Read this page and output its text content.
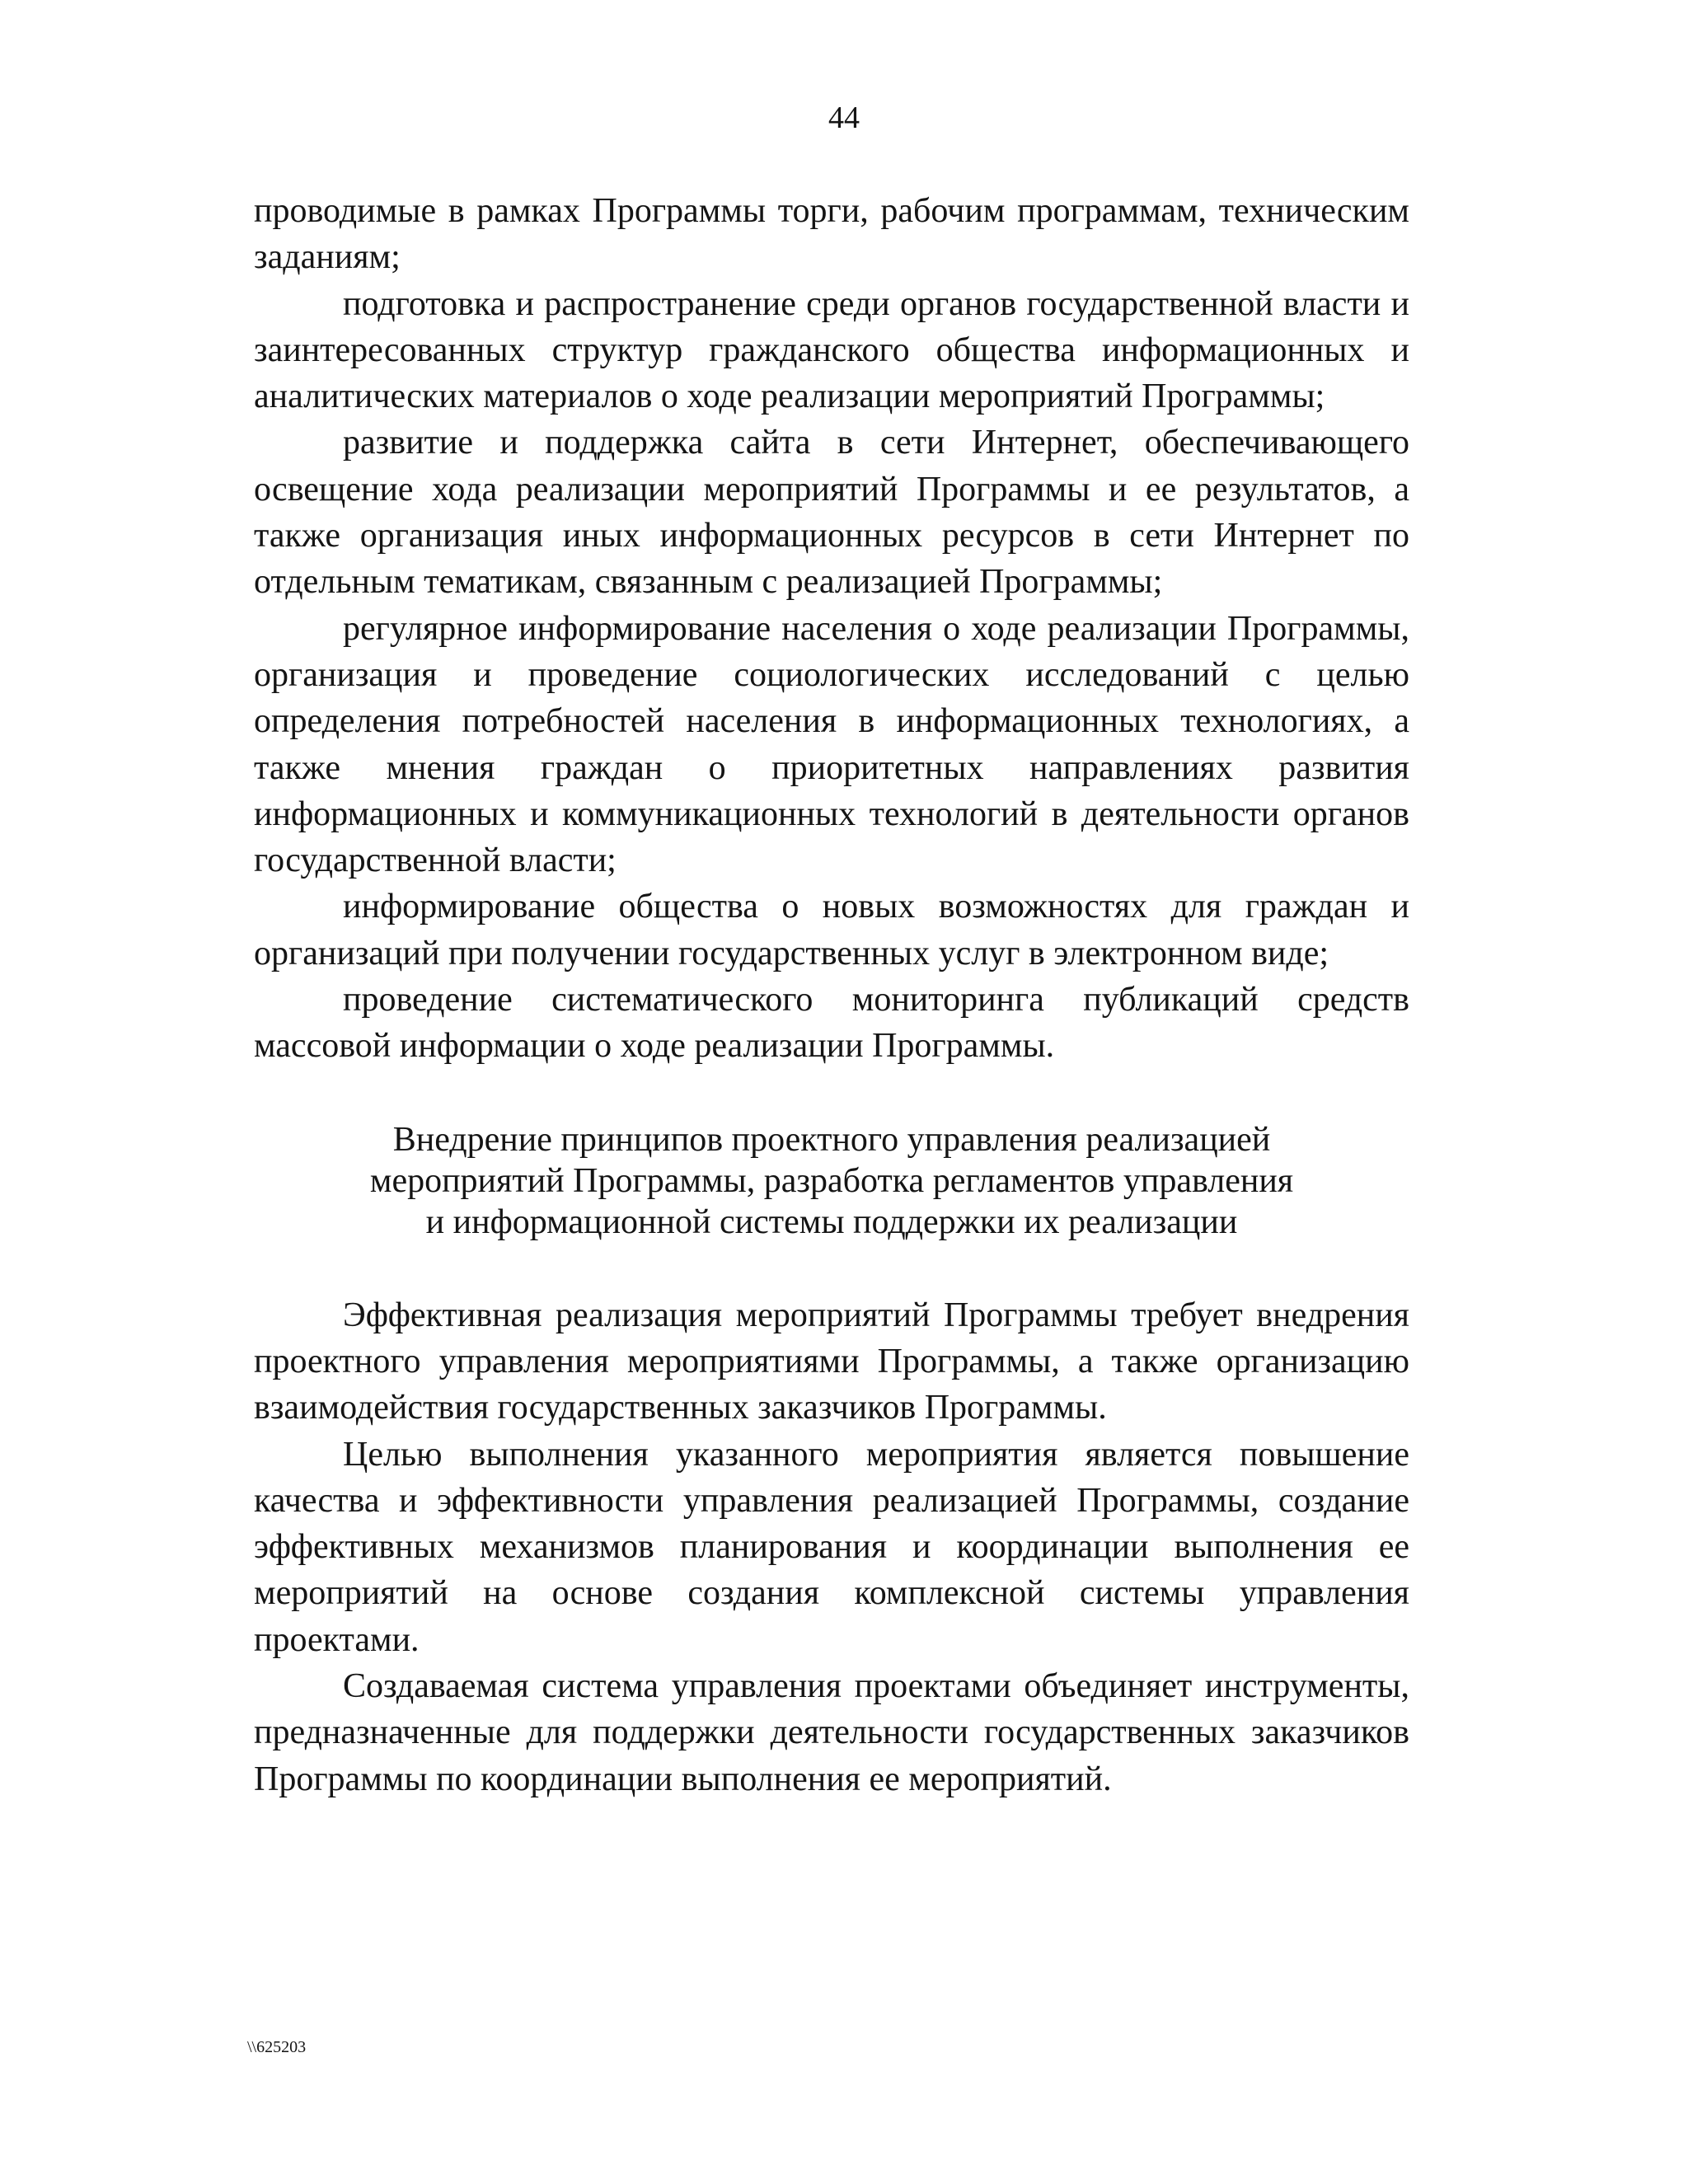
44

проводимые в рамках Программы торги, рабочим программам, техническим заданиям;

подготовка и распространение среди органов государственной власти и заинтересованных структур гражданского общества информационных и аналитических материалов о ходе реализации мероприятий Программы;

развитие и поддержка сайта в сети Интернет, обеспечивающего освещение хода реализации мероприятий Программы и ее результатов, а также организация иных информационных ресурсов в сети Интернет по отдельным тематикам, связанным с реализацией Программы;

регулярное информирование населения о ходе реализации Программы, организация и проведение социологических исследований с целью определения потребностей населения в информационных технологиях, а также мнения граждан о приоритетных направлениях развития информационных и коммуникационных технологий в деятельности органов государственной власти;

информирование общества о новых возможностях для граждан и организаций при получении государственных услуг в электронном виде;

проведение систематического мониторинга публикаций средств массовой информации о ходе реализации Программы.

Внедрение принципов проектного управления реализацией
мероприятий Программы, разработка регламентов управления
и информационной системы поддержки их реализации

Эффективная реализация мероприятий Программы требует внедрения проектного управления мероприятиями Программы, а также организацию взаимодействия государственных заказчиков Программы.

Целью выполнения указанного мероприятия является повышение качества и эффективности управления реализацией Программы, создание эффективных механизмов планирования и координации выполнения ее мероприятий на основе создания комплексной системы управления проектами.

Создаваемая система управления проектами объединяет инструменты, предназначенные для поддержки деятельности государственных заказчиков Программы по координации выполнения ее мероприятий.

\\625203
